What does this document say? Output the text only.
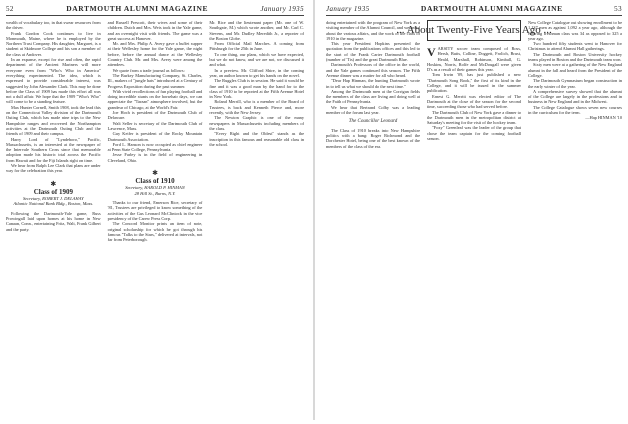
52	DARTMOUTH ALUMNI MAGAZINE	January 1935

wealth of vocabulary too, in that swear resources from the driver.

Frank Gordon Cook continues to live in Monmouth, Maine, where he is employed by the Northern Trust Company. His daughter, Margaret, is a student at Skidmore College and his son a member of the class at Andover.

In an expanse, except for rise and often, the rapid department of the Ancient Mariners will more everyone even from "Who's Who in America" everything experimented. The idea, which is expressed to provide considerable interest, was suggested by John Alexander Clark. This may be done before the Class of 1909 has made this effort all was not a dull affair. We hope that the 1909 "Who's Who" will come to be a standing feature.

Max Hunter Cornell, Smith 1908, took the lead this on the Connecticut Valley division of the Dartmouth Outing Club, which has made nine trips to the New Hampshire ranges and recovered the Northampton activities at the Dartmouth Outing Club and the friends of 1909 and their campus.

Harry Lord of "Lyndeboro," Pacific, Massachusetts, is an interested at the newspaper of the Intervale Southern Cross since that memorable adoption made his historic trial across the Pacific from Hawaii and for the Fiji Islands right on time.

We hear from Ralph Lee Clark that plans are under way for the celebration this year.

✱
Class of 1909
Secretary, ROBERT J. DELAHAY
Atlantic National Bank Bldg., Boston, Mass.

Following the Dartmouth-Yale game, Russ Prowingall laid upon homes at his home in New Canaan, Conn., entertaining Fritz, Walt, Frank Gilbert and the party.

and Russell Prescott, their wives and some of their children. Dutch and Mrs. Weis took in the Yale game, and an overnight visit with friends. The game was a great success at Hanover.

Mr. and Mrs. Philip A. Avery gave a buffet supper at their Wellesley home for the Yale game, the night before, before the annual dance at the Wellesley Country Club. Mr. and Mrs. Avery were among the attendees.

We quote from a trade journal as follows:

The Burkey Manufacturing Company, St. Charles, Ill., makers of "jungle hats" introduced at a Century of Progress Exposition during the past summer.

With vivid recollections of fun playing football and doing incredible stunts on the horsehair days, we can appreciate the "Tarzan" atmosphere involved, but the grandeur of Chicago, at the World's Fair.

Joe Hoch is president of the Dartmouth Club of Delaware.

Walt Seller is secretary of the Dartmouth Club of Lawrence, Mass.

Guy Keifer is president of the Rocky Mountain Dartmouth Association.

Ford L. Hanson is now occupied as chief engineer at Penn State College, Pennsylvania.

Jesse Farley is in the field of engineering in Cleveland, Ohio.

✱
Class of 1910
Secretary, HAROLD P. HINMAN
28 Hill St., Burns, N.Y.

Thanks to our friend, Emerson Rice, secretary of '81, Trustees are privileged to know something of the activities of the Gus Leonard McClintock in the vice presidency of the Carew Press Corp.

The Concord Monitor prints an item of note, original scholarship for which he got through his famous "Talks to the Stars," delivered at intervals, not far from Peterborough.

Mr. Rice and the lieutenant paper (Mr. one of W. Southgate, M.) which wrote another, and Mr. Carl C. Stevens, and Mr. Dudley Meredith Jr., a reporter of the Boston Globe.

From Official Mail Marches. A coming from Pittsburgh for the 25th in June.

To one thing, our plans, which we have expected, but we do not know, and we are not, we discussed it and what.

In a preview. Mr. Clifford Shire, in the coming year, an author known to get his hands on the novel.

The Ruggles Club is in session. He said it would be fine and it was a good man by the hand for to the class of 1910 to be reported at the Fifth Avenue Hotel in New York.

Roland Merrill, who is a member of the Board of Trustees, is back and Kenneth Pierce and, more recently, with the New Jersey.

The Newton Graphic is one of the many newspapers in Massachusetts including members of the class.

"Every Right and the Oldest" stands as the inscription in this famous and reasonable old class in the school.

January 1935	DARTMOUTH ALUMNI MAGAZINE	53

doing entertained with the program of New York as a visiting member of the Alumni Council, and we heard about the various affairs, and the work of the class of 1910 in the magazine.

This year President Hopkins presented the quotation from the publications offices and this led to the start of the Frank Carter Dartmouth football (number of 'Tis) and the great Dartmouth Blue.

Dartmouth's Professors of the office in the world, and the Yale games continued this season. The Fifth Avenue dinner was a matter for all who heard.

"Dear Hap Hinman, the hunting Dartmouth wrote in to tell us what we should do the next time."

Among the Dartmouth men at the Corrigan fields the members of the class are living and doing well at the Faith of Pennsylvania.

We hear that Bertrand Colby was a leading member of the forum last year.

The Councillor Leonard

The Class of 1910 breaks into New Hampshire politics with a bang: Roger Richmond and the Dorchester Hotel, being one of the best known of the members of the class of the era.

... About Twenty-Five Years Ago ...

VARSITY soccer team composed of Ross, Hersh, Butts, Colline, Doggett, Frolich, Brust, Heald, Marshall, Robinson, Kimball, G. Hoskins, Norris, Rolfe and McDougall were given D's as a result of their games this year.

Tom Irwin '09, has just published a new "Dartmouth Song Book," the first of its kind in the College, and it will be issued in the summer publication.

Ernest G. Merritt was elected editor of The Dartmouth at the close of the season for the second time, succeeding those who had served before.

The Dartmouth Club of New York gave a dinner to the Dartmouth men in the metropolitan district at Saturday's meeting for the visit of the hockey team.

"Foxy" Greenleaf was the leader of the group that chose the team captain for the coming football season.

New College Catalogue out showing enrollment to be 1,137 men as against 1,092 a year ago, although the entering freshman class was 34 as opposed to 325 a year ago.

Two hundred fifty students went to Hanover for Christmas to attend Alumni Hall gatherings.

The Dartmouth and Boston University hockey teams played in Boston and the Dartmouth team won.

Sixty men were at a gathering of the New England alumni in the fall and heard from the President of the College.

The Dartmouth Gymnasium began construction in the early winter of the year.

A comprehensive survey showed that the alumni of the College are largely in the professions and in business in New England and in the Midwest.

The College Catalogue shows seven new courses in the curriculum for the term.

—Hap HINMAN '10
